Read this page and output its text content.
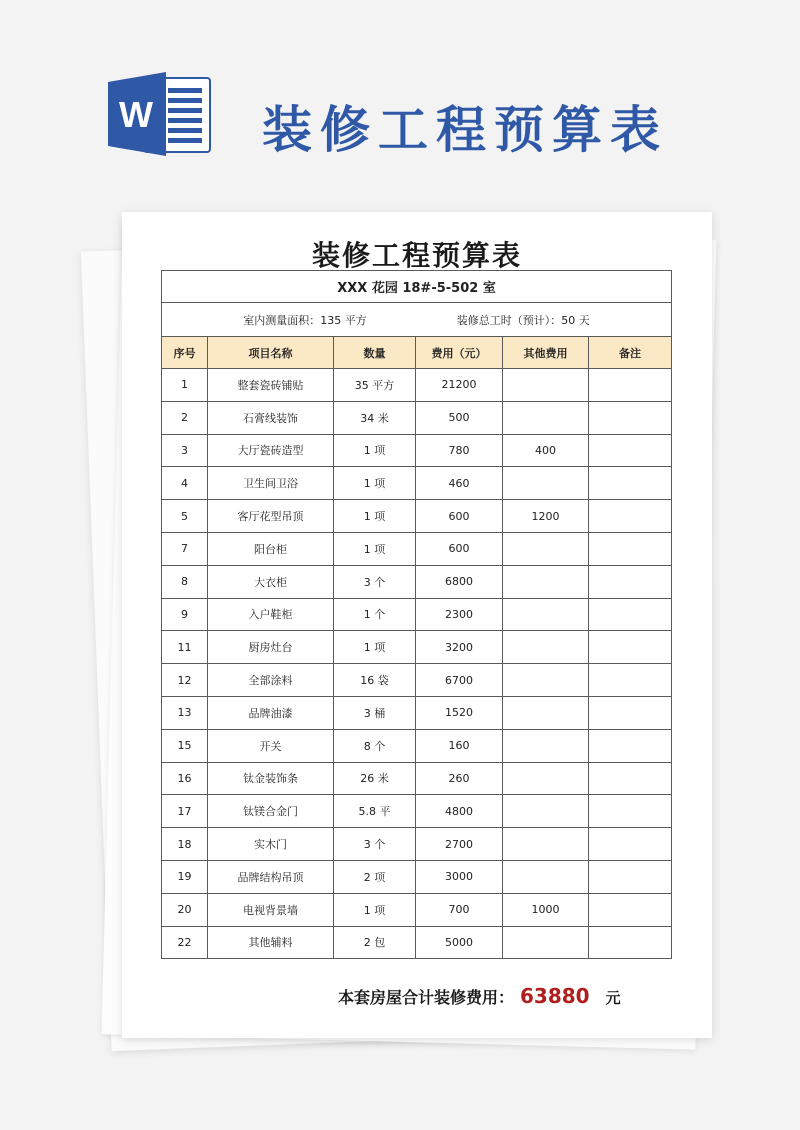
W 装修工程预算表
装修工程预算表
XXX 花园 18#-5-502 室					

室内测量面积：135 平方 装修总工时（预计）：50 天					

序号	项目名称	数量	费用（元）	其他费用	备注
1	整套瓷砖铺贴	35 平方	21200		
2	石膏线装饰	34 米	500		
3	大厅瓷砖造型	1 项	780	400	
4	卫生间卫浴	1 项	460		
5	客厅花型吊顶	1 项	600	1200	
7	阳台柜	1 项	600		
8	大衣柜	3 个	6800		
9	入户鞋柜	1 个	2300		
11	厨房灶台	1 项	3200		
12	全部涂料	16 袋	6700		
13	品牌油漆	3 桶	1520		
15	开关	8 个	160		
16	钛金装饰条	26 米	260		
17	钛镁合金门	5.8 平	4800		
18	实木门	3 个	2700		
19	品牌结构吊顶	2 项	3000		
20	电视背景墙	1 项	700	1000	
22	其他辅料	2 包	5000		
本套房屋合计装修费用： 63880 元
